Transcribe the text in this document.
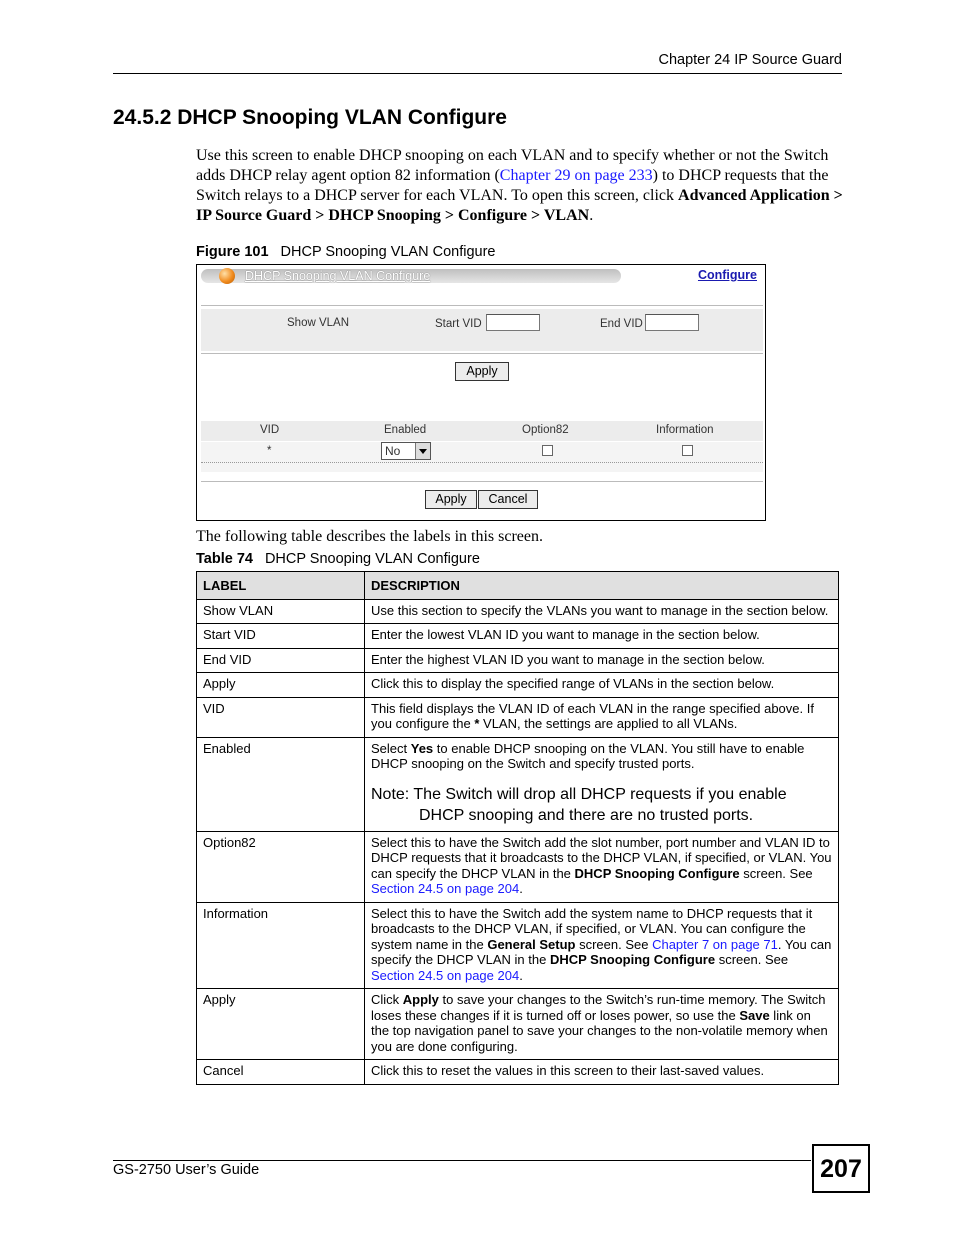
Chapter 24 IP Source Guard
24.5.2 DHCP Snooping VLAN Configure
Use this screen to enable DHCP snooping on each VLAN and to specify whether or not the Switch adds DHCP relay agent option 82 information (Chapter 29 on page 233) to DHCP requests that the Switch relays to a DHCP server for each VLAN. To open this screen, click Advanced Application > IP Source Guard > DHCP Snooping > Configure > VLAN.
Figure 101 DHCP Snooping VLAN Configure
DHCP Snooping VLAN Configure	Configure
Show VLAN	Start VID	End VID
Apply
VID	Enabled	Option82	Information
*	No
Apply	Cancel
The following table describes the labels in this screen.
Table 74 DHCP Snooping VLAN Configure
LABEL	DESCRIPTION
Show VLAN	Use this section to specify the VLANs you want to manage in the section below.
Start VID	Enter the lowest VLAN ID you want to manage in the section below.
End VID	Enter the highest VLAN ID you want to manage in the section below.
Apply	Click this to display the specified range of VLANs in the section below.
VID	This field displays the VLAN ID of each VLAN in the range specified above. If you configure the * VLAN, the settings are applied to all VLANs.
Enabled	Select Yes to enable DHCP snooping on the VLAN. You still have to enable DHCP snooping on the Switch and specify trusted ports.
Note: The Switch will drop all DHCP requests if you enable DHCP snooping and there are no trusted ports.

Option82	Select this to have the Switch add the slot number, port number and VLAN ID to DHCP requests that it broadcasts to the DHCP VLAN, if specified, or VLAN. You can specify the DHCP VLAN in the DHCP Snooping Configure screen. See Section 24.5 on page 204.
Information	Select this to have the Switch add the system name to DHCP requests that it broadcasts to the DHCP VLAN, if specified, or VLAN. You can configure the system name in the General Setup screen. See Chapter 7 on page 71. You can specify the DHCP VLAN in the DHCP Snooping Configure screen. See Section 24.5 on page 204.
Apply	Click Apply to save your changes to the Switch’s run-time memory. The Switch loses these changes if it is turned off or loses power, so use the Save link on the top navigation panel to save your changes to the non-volatile memory when you are done configuring.
Cancel	Click this to reset the values in this screen to their last-saved values.
GS-2750 User’s Guide	207
